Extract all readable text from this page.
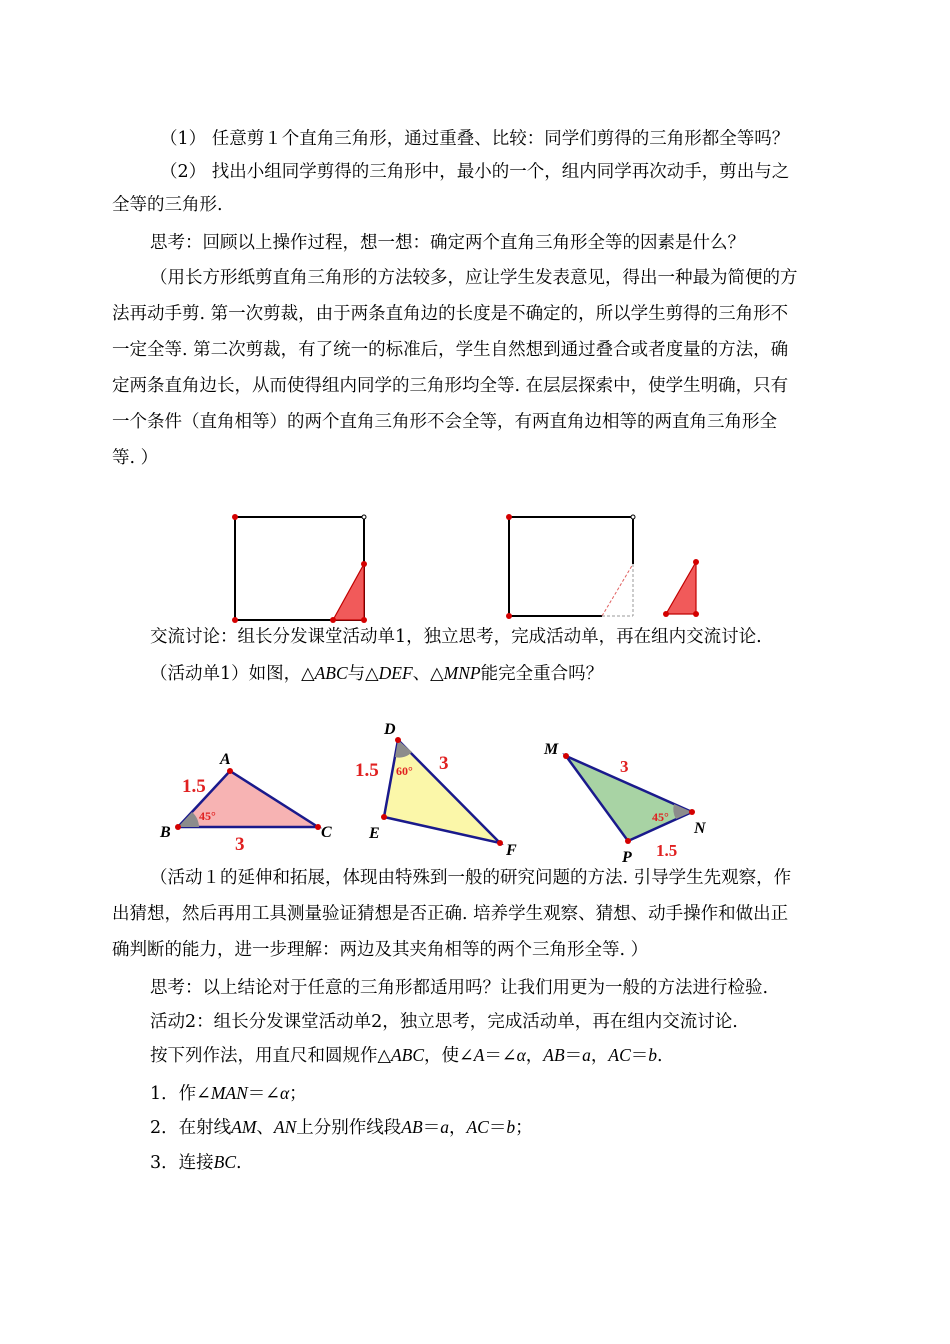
（1） 任意剪１个直角三角形，通过重叠、比较：同学们剪得的三角形都全等吗？
（2） 找出小组同学剪得的三角形中，最小的一个，组内同学再次动手，剪出与之
全等的三角形.
思考：回顾以上操作过程，想一想：确定两个直角三角形全等的因素是什么？
（用长方形纸剪直角三角形的方法较多，应让学生发表意见，得出一种最为简便的方
法再动手剪. 第一次剪裁，由于两条直角边的长度是不确定的，所以学生剪得的三角形不
一定全等. 第二次剪裁，有了统一的标准后，学生自然想到通过叠合或者度量的方法，确
定两条直角边长，从而使得组内同学的三角形均全等. 在层层探索中，使学生明确，只有
一个条件（直角相等）的两个直角三角形不会全等，有两直角边相等的两直角三角形全
等. ）
交流讨论：组长分发课堂活动单1，独立思考，完成活动单，再在组内交流讨论.
（活动单1）如图，△ABC与△DEF、△MNP能完全重合吗？
A
B	C
1.5
3
45°
D
E
F
1.5	3
60°
M
N
P
3
1.5
45°
（活动１的延伸和拓展，体现由特殊到一般的研究问题的方法. 引导学生先观察，作
出猜想，然后再用工具测量验证猜想是否正确. 培养学生观察、猜想、动手操作和做出正
确判断的能力，进一步理解：两边及其夹角相等的两个三角形全等. ）
思考：以上结论对于任意的三角形都适用吗？让我们用更为一般的方法进行检验.
活动2：组长分发课堂活动单2，独立思考，完成活动单，再在组内交流讨论.
按下列作法，用直尺和圆规作△ABC，使∠A＝∠α，AB＝a，AC＝b.
1．作∠MAN＝∠α；
2．在射线AM、AN上分别作线段AB＝a，AC＝b；
3．连接BC.
